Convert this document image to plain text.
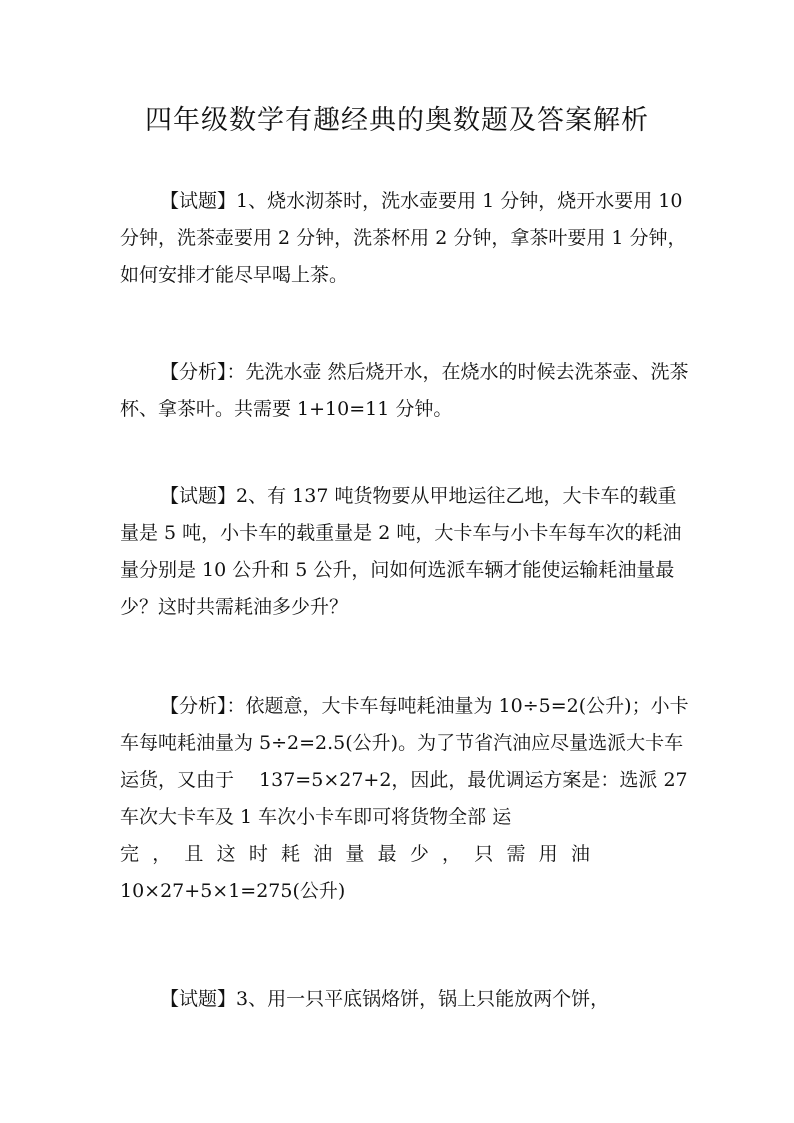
四年级数学有趣经典的奥数题及答案解析

【试题】1、烧水沏茶时，洗水壶要用 1 分钟，烧开水要用 10 分钟，洗茶壶要用 2 分钟，洗茶杯用 2 分钟，拿茶叶要用 1 分钟，如何安排才能尽早喝上茶。

【分析】：先洗水壶 然后烧开水，在烧水的时候去洗茶壶、洗茶杯、拿茶叶。共需要 1+10=11 分钟。

【试题】2、有 137 吨货物要从甲地运往乙地，大卡车的载重量是 5 吨，小卡车的载重量是 2 吨，大卡车与小卡车每车次的耗油量分别是 10 公升和 5 公升，问如何选派车辆才能使运输耗油量最少？这时共需耗油多少升？

【分析】：依题意，大卡车每吨耗油量为 10÷5=2(公升)；小卡车每吨耗油量为 5÷2=2.5(公升)。为了节省汽油应尽量选派大卡车运货，又由于　 137=5×27+2，因此，最优调运方案是：选派 27 车次大卡车及 1 车次小卡车即可将货物全部 运
完 ， 且 这 时 耗 油 量 最 少 ， 只 需 用 油
10×27+5×1=275(公升)

【试题】3、用一只平底锅烙饼，锅上只能放两个饼，
